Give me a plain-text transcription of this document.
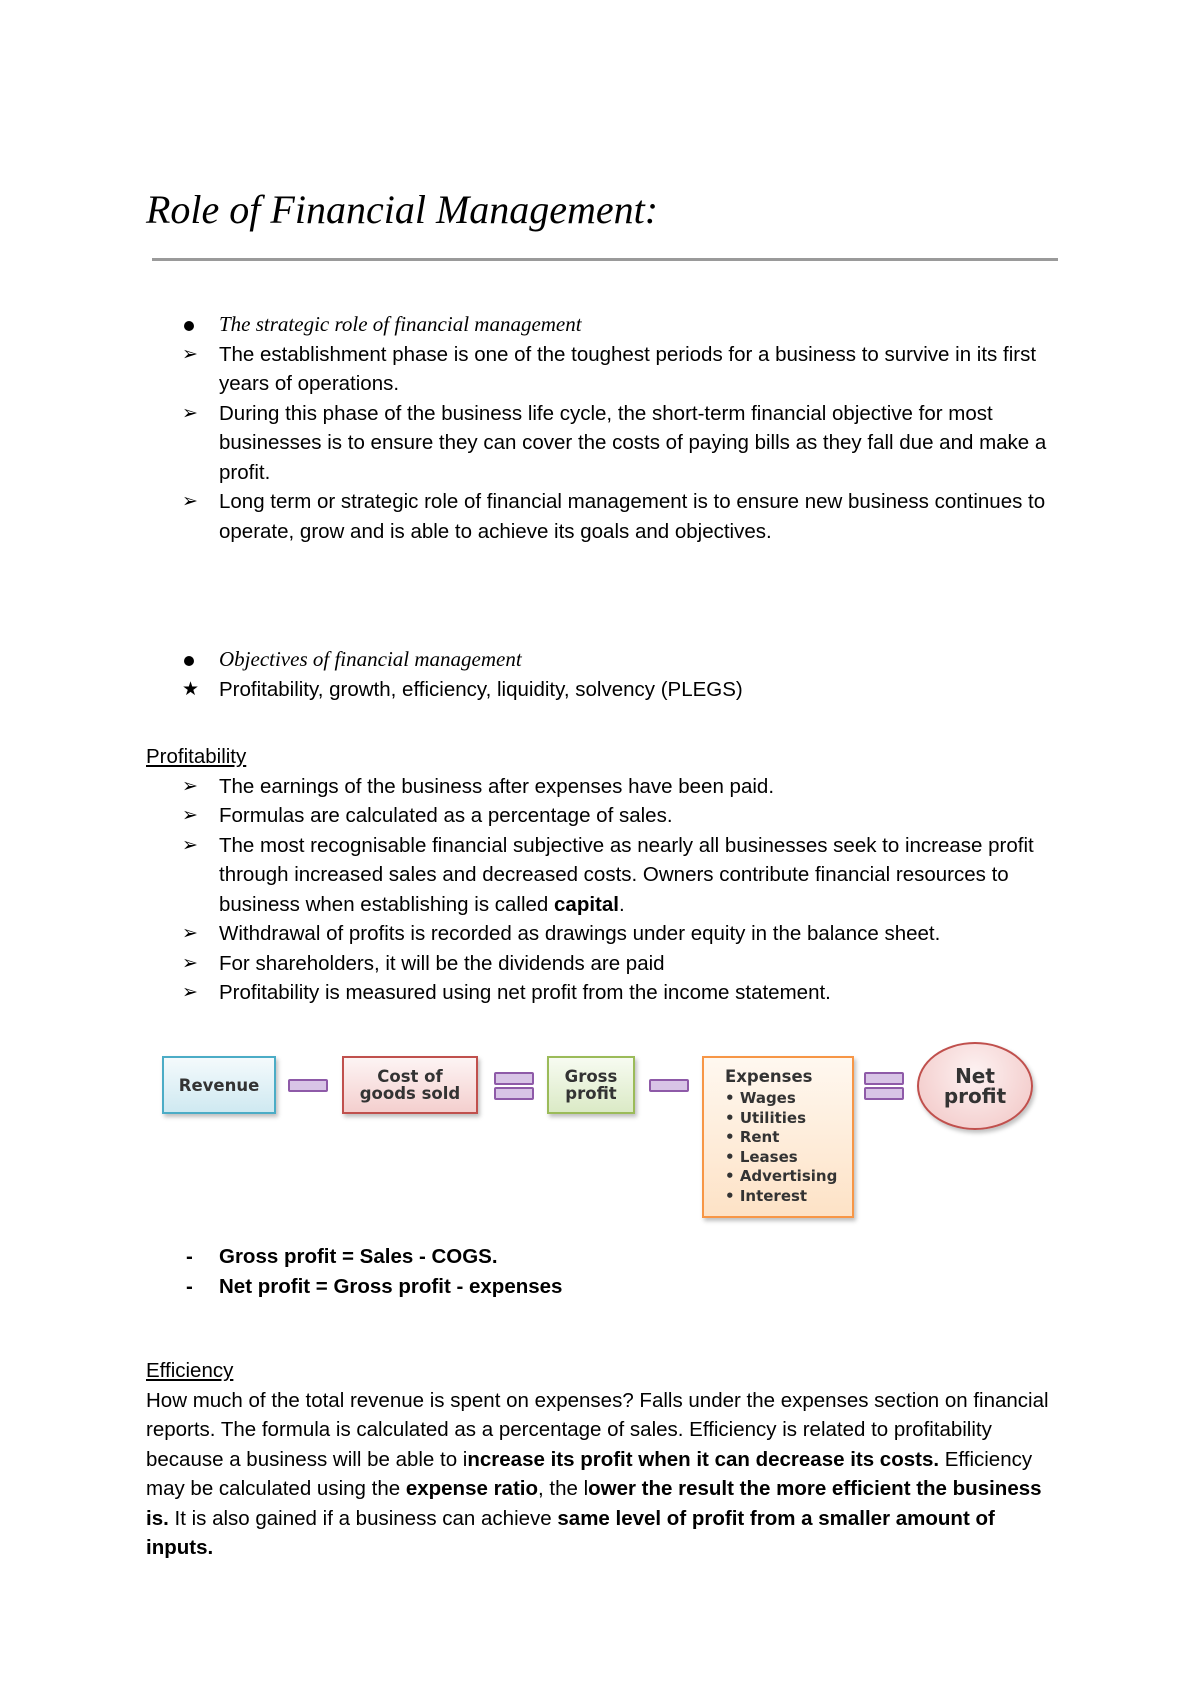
Role of Financial Management:
The strategic role of financial management
➢ The establishment phase is one of the toughest periods for a business to survive in its first years of operations.
➢ During this phase of the business life cycle, the short-term financial objective for most businesses is to ensure they can cover the costs of paying bills as they fall due and make a profit.
➢ Long term or strategic role of financial management is to ensure new business continues to operate, grow and is able to achieve its goals and objectives.
Objectives of financial management
★ Profitability, growth, efficiency, liquidity, solvency (PLEGS)
Profitability
➢ The earnings of the business after expenses have been paid.
➢ Formulas are calculated as a percentage of sales.
➢ The most recognisable financial subjective as nearly all businesses seek to increase profit through increased sales and decreased costs. Owners contribute financial resources to business when establishing is called capital.
➢ Withdrawal of profits is recorded as drawings under equity in the balance sheet.
➢ For shareholders, it will be the dividends are paid
➢ Profitability is measured using net profit from the income statement.
Revenue	Cost of goods sold
Gross profit
Expenses
• Wages
• Utilities
• Rent
• Leases
• Advertising
• Interest
Net profit
- Gross profit = Sales - COGS.
- Net profit = Gross profit - expenses
Efficiency
How much of the total revenue is spent on expenses? Falls under the expenses section on financial reports. The formula is calculated as a percentage of sales. Efficiency is related to profitability because a business will be able to increase its profit when it can decrease its costs. Efficiency may be calculated using the expense ratio, the lower the result the more efficient the business is. It is also gained if a business can achieve same level of profit from a smaller amount of inputs.
